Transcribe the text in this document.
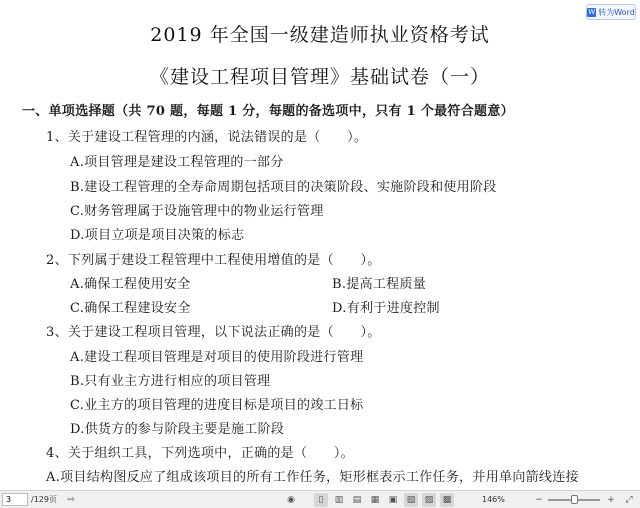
2019 年全国一级建造师执业资格考试
《建设工程项目管理》基础试卷（一）
W 转为Word
一、单项选择题（共 70 题，每题 1 分，每题的备选项中，只有 1 个最符合题意）
1、关于建设工程管理的内涵，说法错误的是（　　）。
A.项目管理是建设工程管理的一部分
B.建设工程管理的全寿命周期包括项目的决策阶段、实施阶段和使用阶段
C.财务管理属于设施管理中的物业运行管理
D.项目立项是项目决策的标志
2、下列属于建设工程管理中工程使用增值的是（　　）。
A.确保工程使用安全	B.提高工程质量
C.确保工程建设安全	D.有利于进度控制
3、关于建设工程项目管理，以下说法正确的是（　　）。
A.建设工程项目管理是对项目的使用阶段进行管理
B.只有业主方进行相应的项目管理
C.业主方的项目管理的进度目标是项目的竣工日标
D.供货方的参与阶段主要是施工阶段
4、关于组织工具，下列选项中，正确的是（　　）。
A.项目结构图反应了组成该项目的所有工作任务，矩形框表示工作任务，并用单向箭线连接
3
/129页	⇨	◉	▯	▥	▤	▦	▣	▧	▨	▩	146%	−	+	⤢
